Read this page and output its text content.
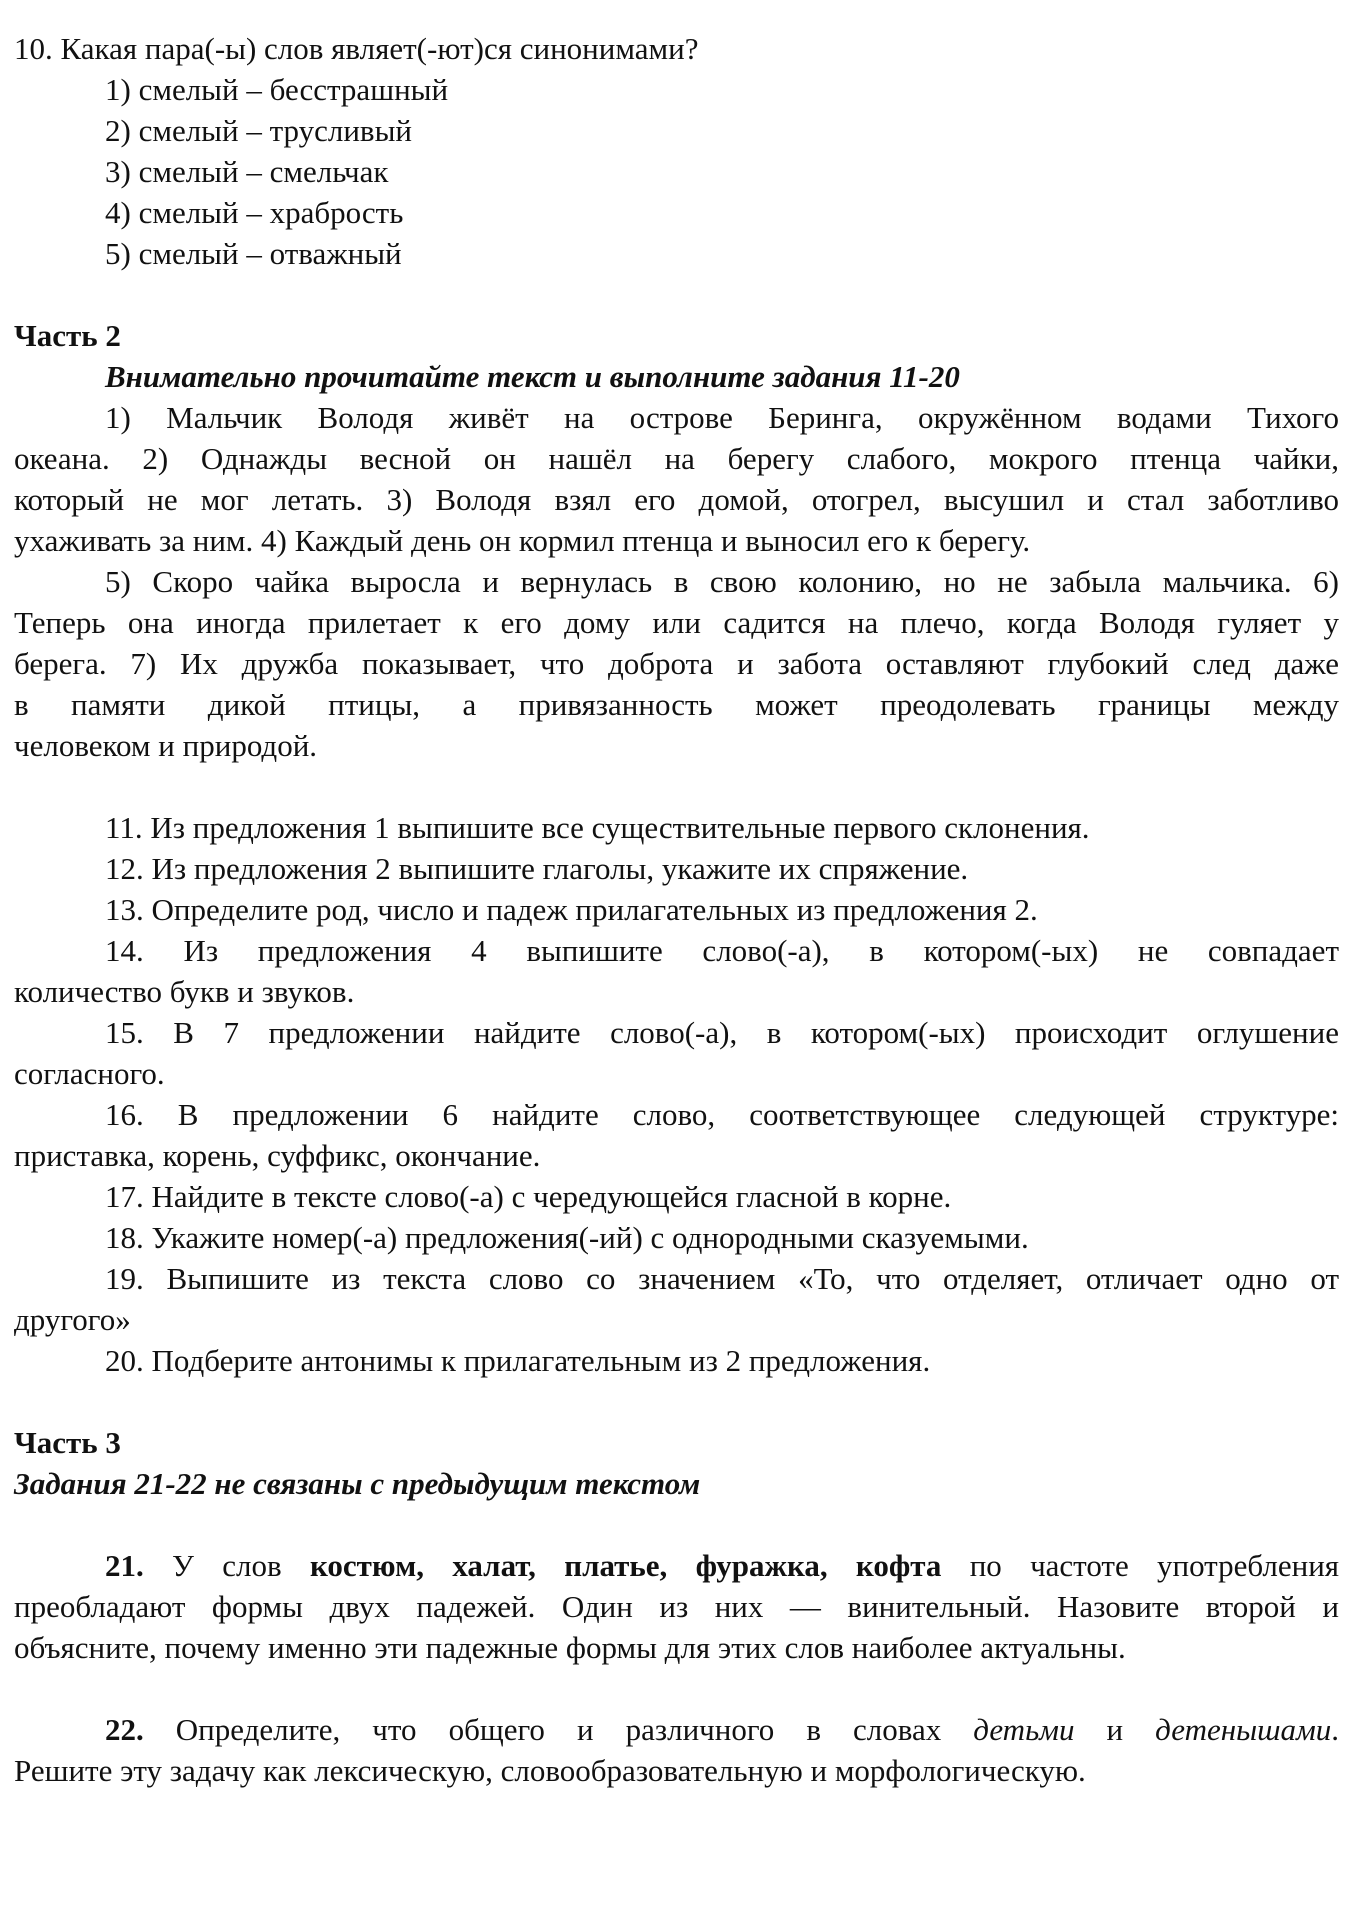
10. Какая пара(-ы) слов являет(-ют)ся синонимами?
1) смелый – бесстрашный
2) смелый – трусливый
3) смелый – смельчак
4) смелый – храбрость
5) смелый – отважный
Часть 2
Внимательно прочитайте текст и выполните задания 11-20
1) Мальчик Володя живёт на острове Беринга, окружённом водами Тихого
океана. 2) Однажды весной он нашёл на берегу слабого, мокрого птенца чайки,
который не мог летать. 3) Володя взял его домой, отогрел, высушил и стал заботливо
ухаживать за ним. 4) Каждый день он кормил птенца и выносил его к берегу.
5) Скоро чайка выросла и вернулась в свою колонию, но не забыла мальчика. 6)
Теперь она иногда прилетает к его дому или садится на плечо, когда Володя гуляет у
берега. 7) Их дружба показывает, что доброта и забота оставляют глубокий след даже
в памяти дикой птицы, а привязанность может преодолевать границы между
человеком и природой.
11. Из предложения 1 выпишите все существительные первого склонения.
12. Из предложения 2 выпишите глаголы, укажите их спряжение.
13. Определите род, число и падеж прилагательных из предложения 2.
14. Из предложения 4 выпишите слово(-а), в котором(-ых) не совпадает
количество букв и звуков.
15. В 7 предложении найдите слово(-а), в котором(-ых) происходит оглушение
согласного.
16. В предложении 6 найдите слово, соответствующее следующей структуре:
приставка, корень, суффикс, окончание.
17. Найдите в тексте слово(-а) с чередующейся гласной в корне.
18. Укажите номер(-а) предложения(-ий) с однородными сказуемыми.
19. Выпишите из текста слово со значением «То, что отделяет, отличает одно от
другого»
20. Подберите антонимы к прилагательным из 2 предложения.
Часть 3
Задания 21-22 не связаны с предыдущим текстом
21. У слов костюм, халат, платье, фуражка, кофта по частоте употребления
преобладают формы двух падежей. Один из них — винительный. Назовите второй и
объясните, почему именно эти падежные формы для этих слов наиболее актуальны.
22. Определите, что общего и различного в словах детьми и детенышами.
Решите эту задачу как лексическую, словообразовательную и морфологическую.
